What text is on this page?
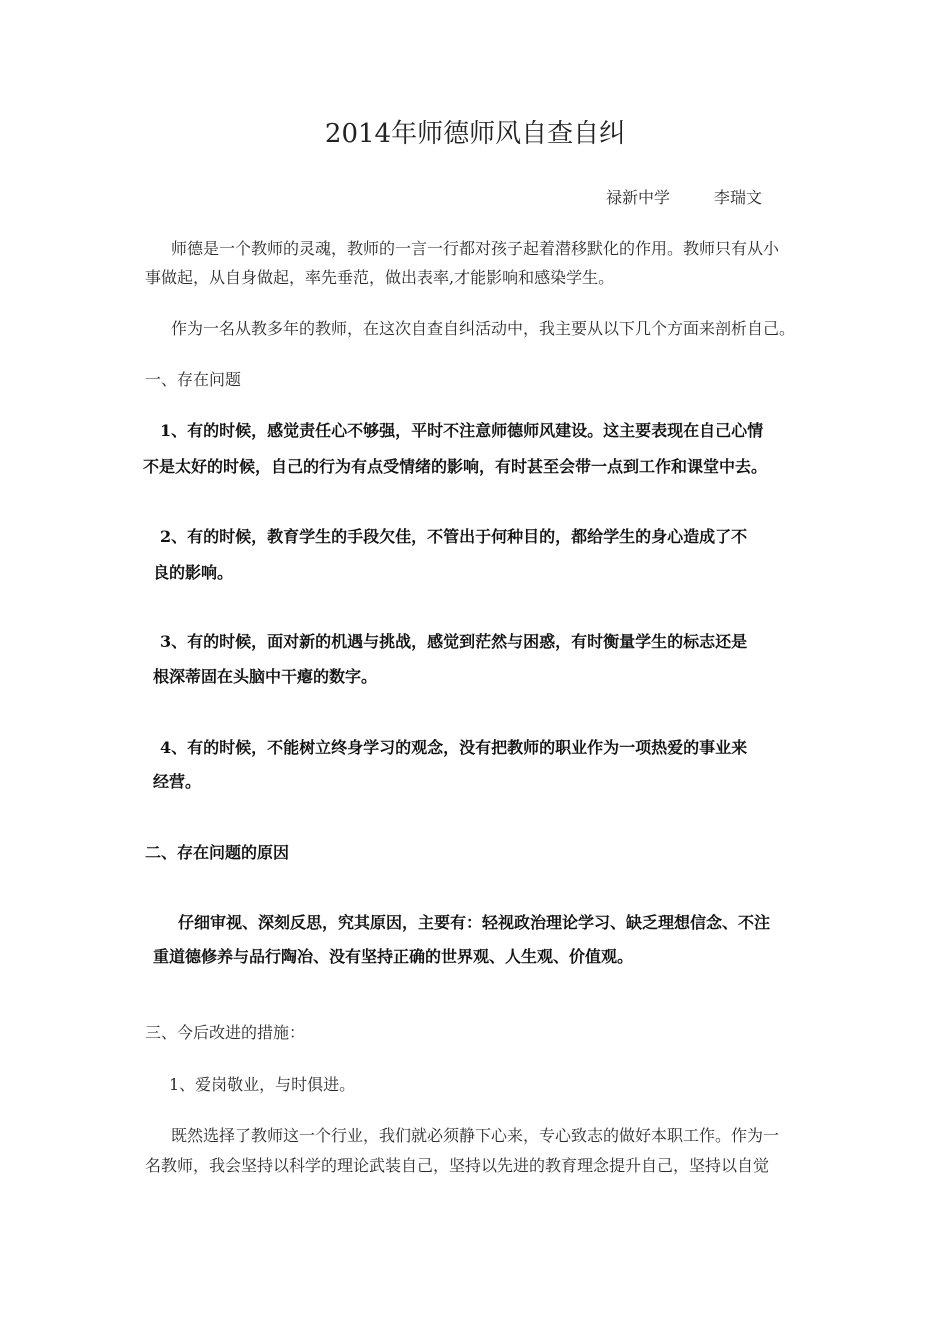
2014年师德师风自查自纠
禄新中学	李瑞文
师德是一个教师的灵魂，教师的一言一行都对孩子起着潜移默化的作用。教师只有从小
事做起，从自身做起，率先垂范，做出表率,才能影响和感染学生。
作为一名从教多年的教师，在这次自查自纠活动中，我主要从以下几个方面来剖析自己。
一、存在问题
1、有的时候，感觉责任心不够强，平时不注意师德师风建设。这主要表现在自己心情
不是太好的时候，自己的行为有点受情绪的影响，有时甚至会带一点到工作和课堂中去。
2、有的时候，教育学生的手段欠佳，不管出于何种目的，都给学生的身心造成了不
良的影响。
3、有的时候，面对新的机遇与挑战，感觉到茫然与困惑，有时衡量学生的标志还是
根深蒂固在头脑中干瘪的数字。
4、有的时候，不能树立终身学习的观念，没有把教师的职业作为一项热爱的事业来
经营。
二、存在问题的原因
仔细审视、深刻反思，究其原因，主要有：轻视政治理论学习、缺乏理想信念、不注
重道德修养与品行陶冶、没有坚持正确的世界观、人生观、价值观。
三、今后改进的措施：
1、爱岗敬业，与时俱进。
既然选择了教师这一个行业，我们就必须静下心来，专心致志的做好本职工作。作为一
名教师，我会坚持以科学的理论武装自己，坚持以先进的教育理念提升自己，坚持以自觉
